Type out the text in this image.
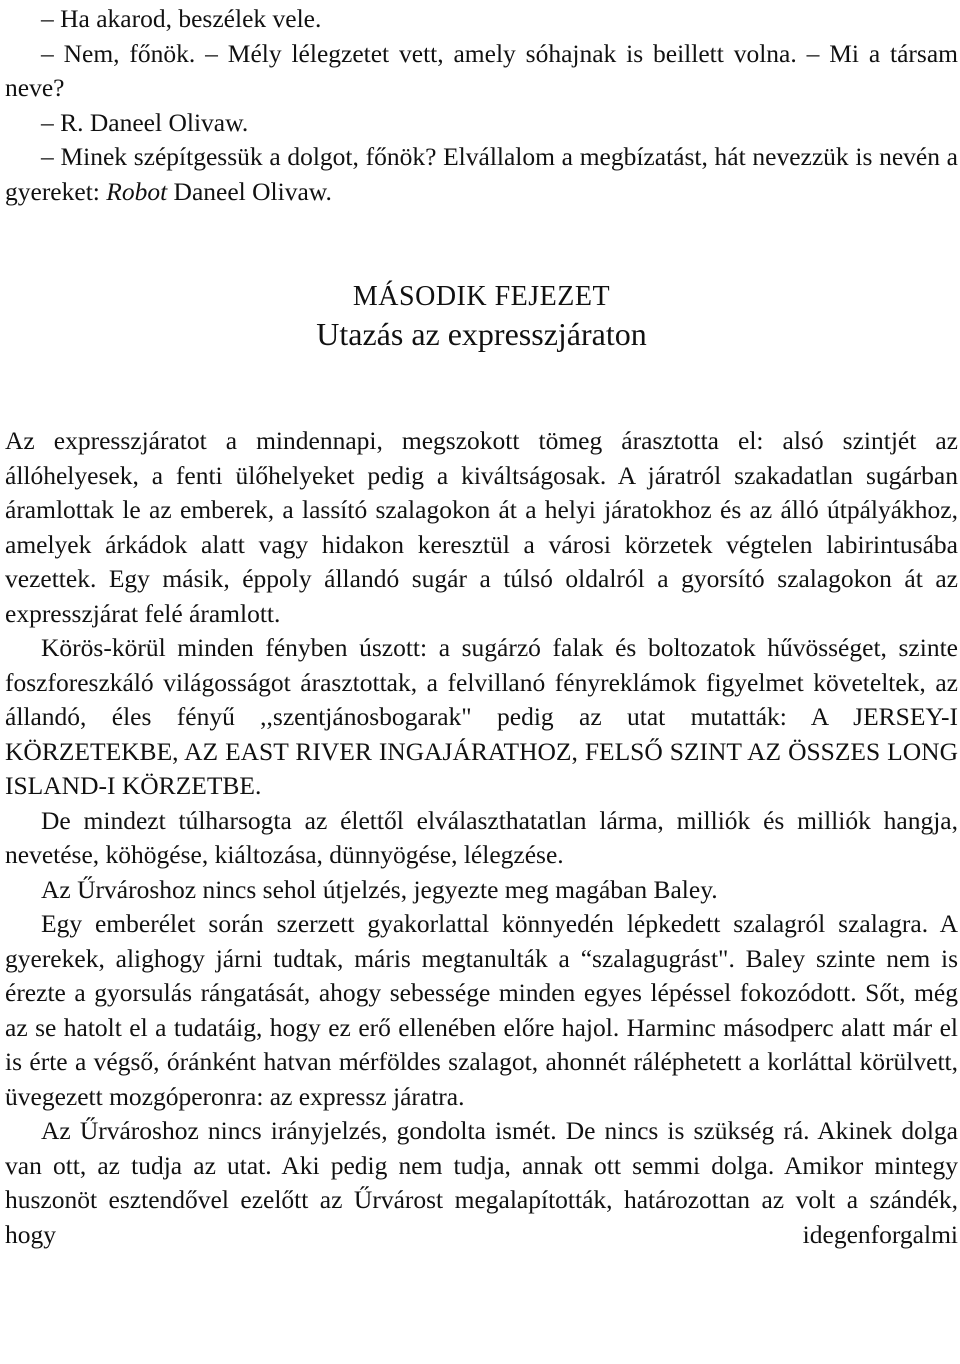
– Ha akarod, beszélek vele.

– Nem, főnök. – Mély lélegzetet vett, amely sóhajnak is beillett volna. – Mi a társam neve?

– R. Daneel Olivaw.

– Minek szépítgessük a dolgot, főnök? Elvállalom a megbízatást, hát nevezzük is nevén a gyereket: Robot Daneel Olivaw.

MÁSODIK FEJEZET

Utazás az expresszjáraton

Az expresszjáratot a mindennapi, megszokott tömeg árasztotta el: alsó szintjét az állóhelyesek, a fenti ülőhelyeket pedig a kiváltságosak. A járatról szakadatlan sugárban áramlottak le az emberek, a lassító szalagokon át a helyi járatokhoz és az álló útpályákhoz, amelyek árkádok alatt vagy hidakon keresztül a városi körzetek végtelen labirintusába vezettek. Egy másik, éppoly állandó sugár a túlsó oldalról a gyorsító szalagokon át az expresszjárat felé áramlott.

Körös-körül minden fényben úszott: a sugárzó falak és boltozatok hűvösséget, szinte foszforeszkáló világosságot árasztottak, a felvillanó fényreklámok figyelmet követeltek, az állandó, éles fényű ,,szentjánosbogarak" pedig az utat mutatták: A JERSEY-I KÖRZETEKBE, AZ EAST RIVER INGAJÁRATHOZ, FELSŐ SZINT AZ ÖSSZES LONG ISLAND-I KÖRZETBE.

De mindezt túlharsogta az élettől elválaszthatatlan lárma, milliók és milliók hangja, nevetése, köhögése, kiáltozása, dünnyögése, lélegzése.

Az Űrvároshoz nincs sehol útjelzés, jegyezte meg magában Baley.

Egy emberélet során szerzett gyakorlattal könnyedén lépkedett szalagról szalagra. A gyerekek, alighogy járni tudtak, máris megtanulták a “szalagugrást". Baley szinte nem is érezte a gyorsulás rángatását, ahogy sebessége minden egyes lépéssel fokozódott. Sőt, még az se hatolt el a tudatáig, hogy ez erő ellenében előre hajol. Harminc másodperc alatt már el is érte a végső, óránként hatvan mérföldes szalagot, ahonnét ráléphetett a korláttal körülvett, üvegezett mozgóperonra: az expressz járatra.

Az Űrvároshoz nincs irányjelzés, gondolta ismét. De nincs is szükség rá. Akinek dolga van ott, az tudja az utat. Aki pedig nem tudja, annak ott semmi dolga. Amikor mintegy huszonöt esztendővel ezelőtt az Űrvárost megalapították, határozottan az volt a szándék, hogy idegenforgalmi
